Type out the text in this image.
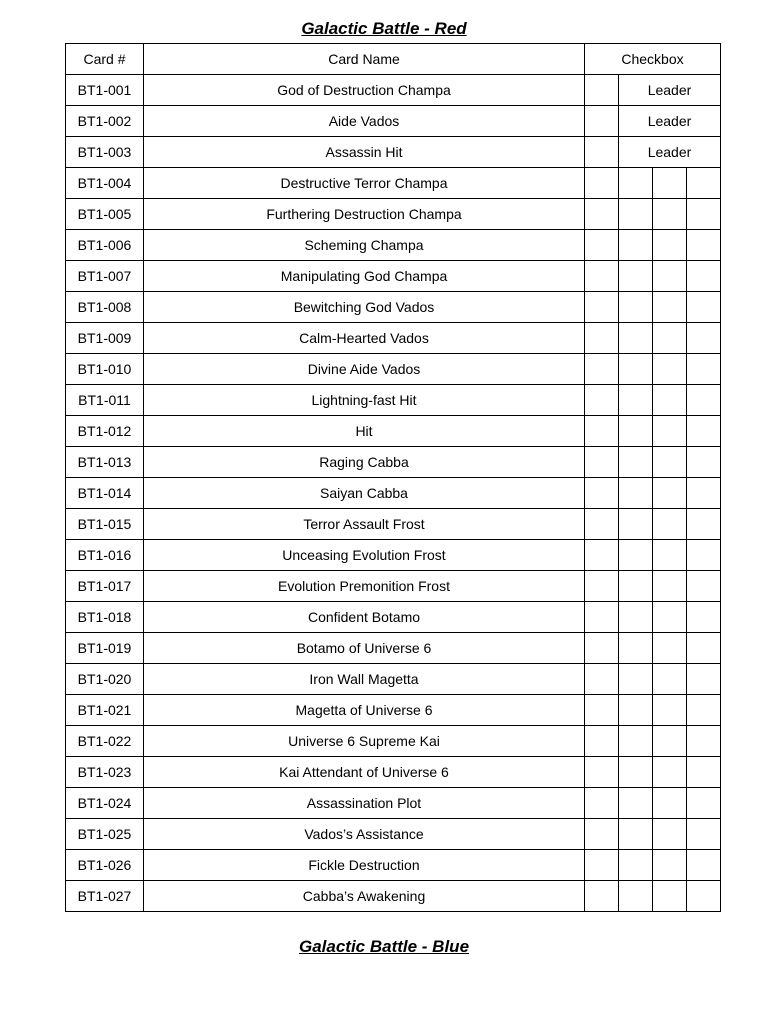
Galactic Battle - Red
Card #	Card Name	Checkbox			
BT1-001	God of Destruction Champa		Leader		
BT1-002	Aide Vados		Leader		
BT1-003	Assassin Hit		Leader		
BT1-004	Destructive Terror Champa				
BT1-005	Furthering Destruction Champa				
BT1-006	Scheming Champa				
BT1-007	Manipulating God Champa				
BT1-008	Bewitching God Vados				
BT1-009	Calm-Hearted Vados				
BT1-010	Divine Aide Vados				
BT1-011	Lightning-fast Hit				
BT1-012	Hit				
BT1-013	Raging Cabba				
BT1-014	Saiyan Cabba				
BT1-015	Terror Assault Frost				
BT1-016	Unceasing Evolution Frost				
BT1-017	Evolution Premonition Frost				
BT1-018	Confident Botamo				
BT1-019	Botamo of Universe 6				
BT1-020	Iron Wall Magetta				
BT1-021	Magetta of Universe 6				
BT1-022	Universe 6 Supreme Kai				
BT1-023	Kai Attendant of Universe 6				
BT1-024	Assassination Plot				
BT1-025	Vados’s Assistance				
BT1-026	Fickle Destruction				
BT1-027	Cabba’s Awakening				
Galactic Battle - Blue
